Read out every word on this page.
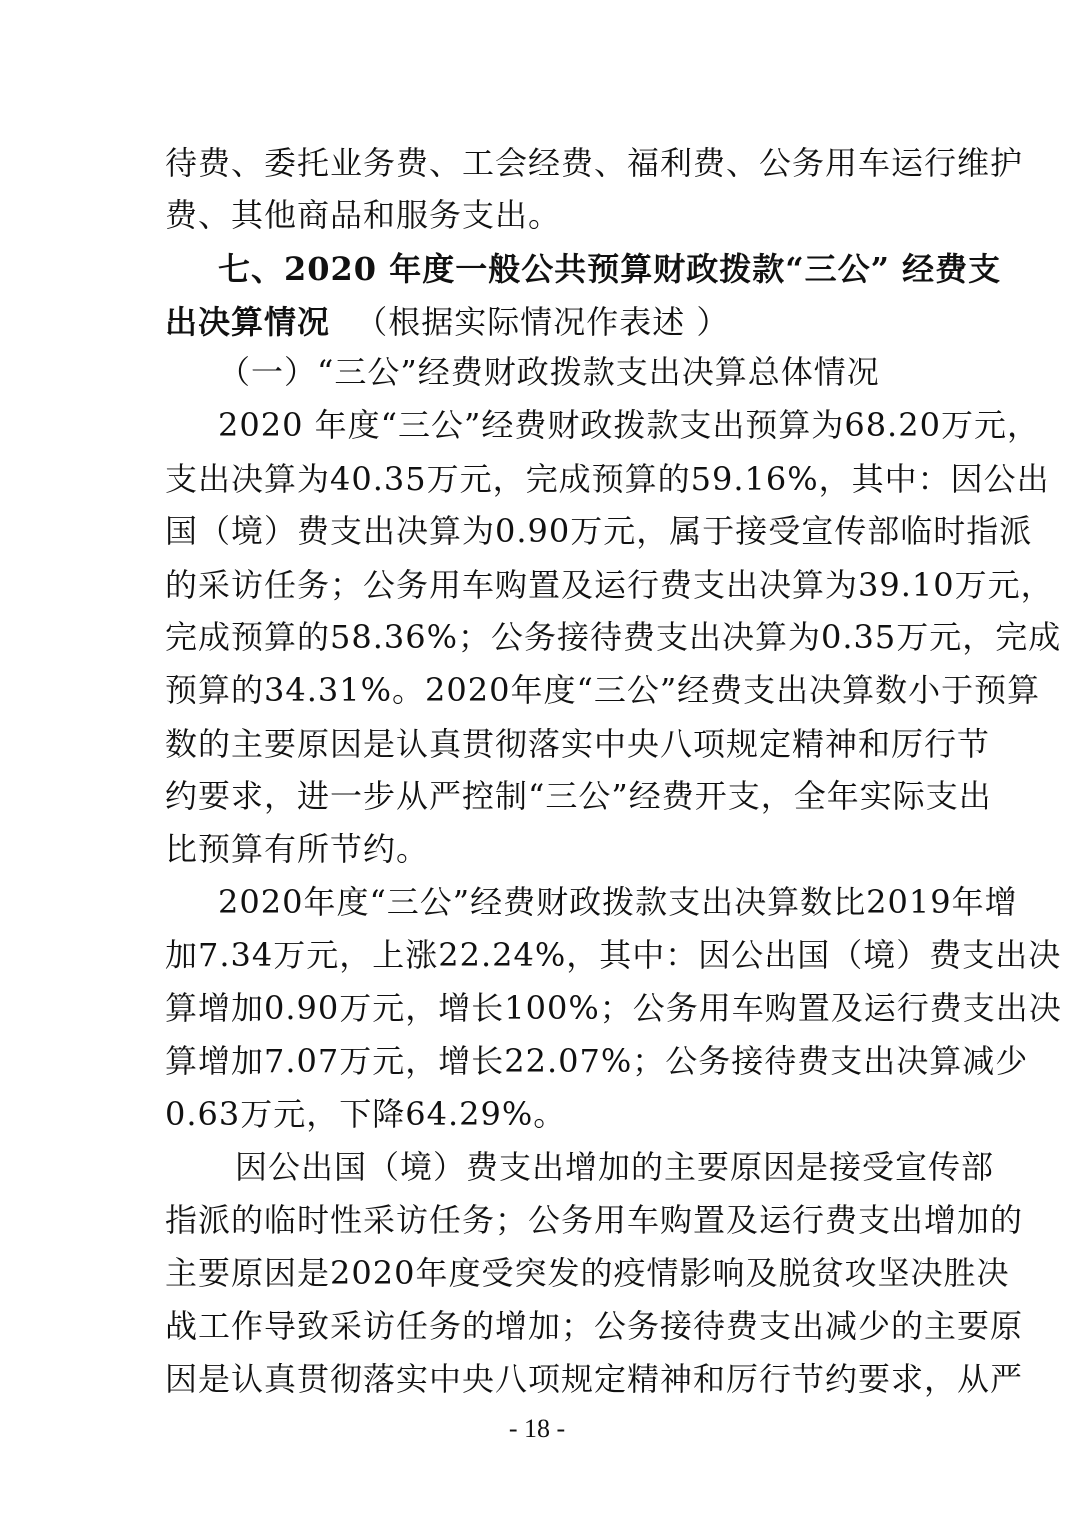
待费、委托业务费、工会经费、福利费、公务用车运行维护
费、其他商品和服务支出。
七、2020 年度一般公共预算财政拨款“三公” 经费支
出决算情况 （根据实际情况作表述 ）
（一）“三公”经费财政拨款支出决算总体情况
2020 年度“三公”经费财政拨款支出预算为68.20万元，
支出决算为40.35万元，完成预算的59.16%，其中：因公出
国（境）费支出决算为0.90万元，属于接受宣传部临时指派
的采访任务；公务用车购置及运行费支出决算为39.10万元，
完成预算的58.36%；公务接待费支出决算为0.35万元，完成
预算的34.31%。2020年度“三公”经费支出决算数小于预算
数的主要原因是认真贯彻落实中央八项规定精神和厉行节
约要求，进一步从严控制“三公”经费开支，全年实际支出
比预算有所节约。
2020年度“三公”经费财政拨款支出决算数比2019年增
加7.34万元，上涨22.24%，其中：因公出国（境）费支出决
算增加0.90万元，增长100%；公务用车购置及运行费支出决
算增加7.07万元，增长22.07%；公务接待费支出决算减少
0.63万元，下降64.29%。
因公出国（境）费支出增加的主要原因是接受宣传部
指派的临时性采访任务；公务用车购置及运行费支出增加的
主要原因是2020年度受突发的疫情影响及脱贫攻坚决胜决
战工作导致采访任务的增加；公务接待费支出减少的主要原
因是认真贯彻落实中央八项规定精神和厉行节约要求，从严
- 18 -
